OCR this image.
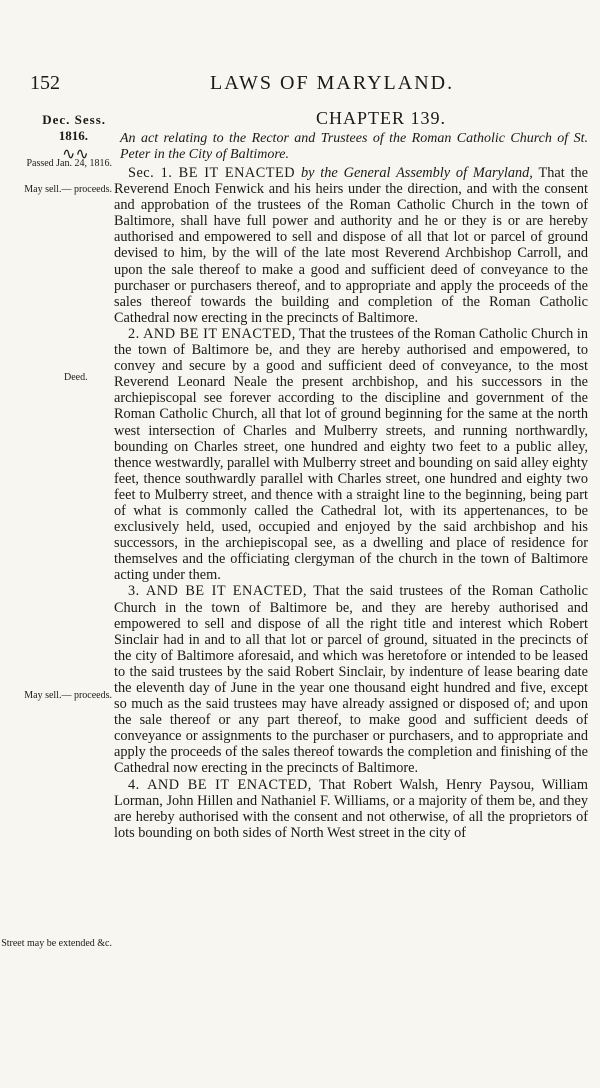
152	LAWS OF MARYLAND.
Dec. Sess.
1816.
∿∿
Passed Jan. 24, 1816.
May sell.— proceeds.
Deed.
May sell.— proceeds.
Street may be extended &c.
CHAPTER 139.

An act relating to the Rector and Trustees of the Roman Catholic Church of St. Peter in the City of Baltimore.

Sec. 1. BE IT ENACTED by the General Assembly of Maryland, That the Reverend Enoch Fenwick and his heirs under the direction, and with the consent and approbation of the trustees of the Roman Catholic Church in the town of Baltimore, shall have full power and authority and he or they is or are hereby authorised and empowered to sell and dispose of all that lot or parcel of ground devised to him, by the will of the late most Reverend Archbishop Carroll, and upon the sale thereof to make a good and sufficient deed of conveyance to the purchaser or purchasers thereof, and to appropriate and apply the proceeds of the sales thereof towards the building and completion of the Roman Catholic Cathedral now erecting in the precincts of Baltimore.

2. AND BE IT ENACTED, That the trustees of the Roman Catholic Church in the town of Baltimore be, and they are hereby authorised and empowered, to convey and secure by a good and sufficient deed of conveyance, to the most Reverend Leonard Neale the present archbishop, and his successors in the archiepiscopal see forever according to the discipline and government of the Roman Catholic Church, all that lot of ground beginning for the same at the north west intersection of Charles and Mulberry streets, and running northwardly, bounding on Charles street, one hundred and eighty two feet to a public alley, thence westwardly, parallel with Mulberry street and bounding on said alley eighty feet, thence southwardly parallel with Charles street, one hundred and eighty two feet to Mulberry street, and thence with a straight line to the beginning, being part of what is commonly called the Cathedral lot, with its appertenances, to be exclusively held, used, occupied and enjoyed by the said archbishop and his successors, in the archiepiscopal see, as a dwelling and place of residence for themselves and the officiating clergyman of the church in the town of Baltimore acting under them.

3. AND BE IT ENACTED, That the said trustees of the Roman Catholic Church in the town of Baltimore be, and they are hereby authorised and empowered to sell and dispose of all the right title and interest which Robert Sinclair had in and to all that lot or parcel of ground, situated in the precincts of the city of Baltimore aforesaid, and which was heretofore or intended to be leased to the said trustees by the said Robert Sinclair, by indenture of lease bearing date the eleventh day of June in the year one thousand eight hundred and five, except so much as the said trustees may have already assigned or disposed of; and upon the sale thereof or any part thereof, to make good and sufficient deeds of conveyance or assignments to the purchaser or purchasers, and to appropriate and apply the proceeds of the sales thereof towards the completion and finishing of the Cathedral now erecting in the precincts of Baltimore.

4. AND BE IT ENACTED, That Robert Walsh, Henry Paysou, William Lorman, John Hillen and Nathaniel F. Williams, or a majority of them be, and they are hereby authorised with the consent and not otherwise, of all the proprietors of lots bounding on both sides of North West street in the city of
